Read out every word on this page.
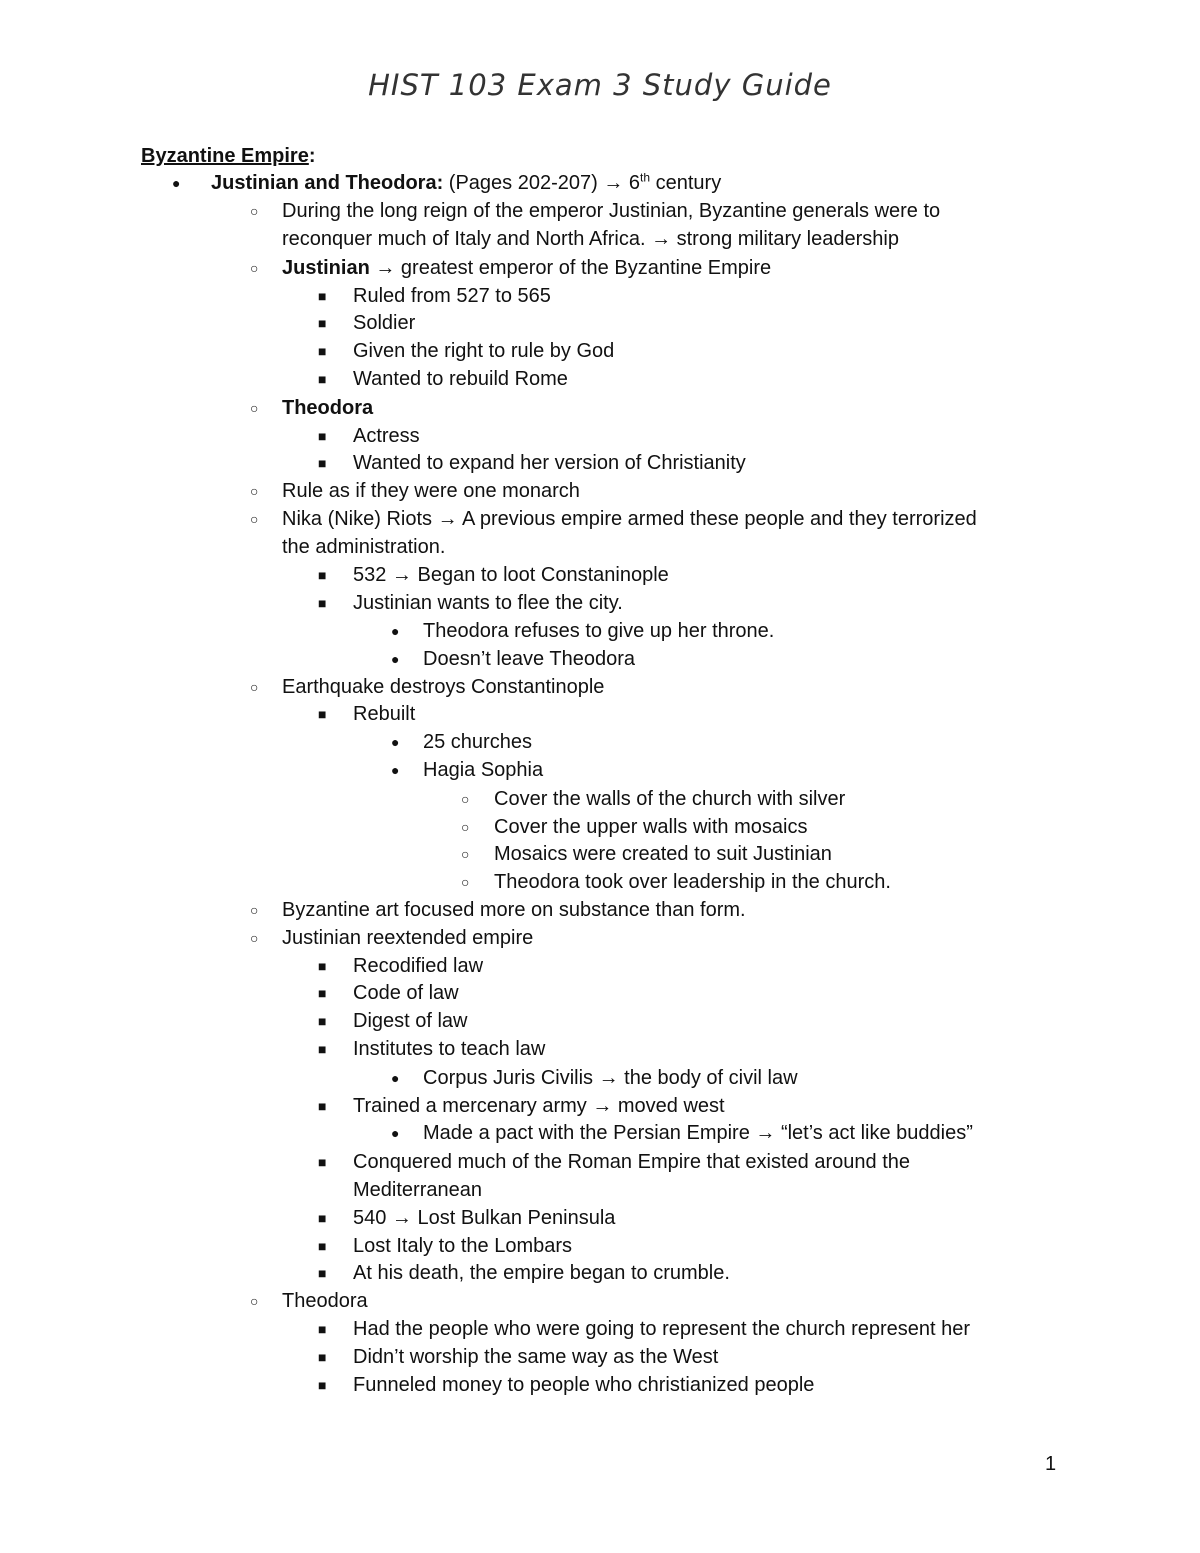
HIST 103 Exam 3 Study Guide
Byzantine Empire:
●
Justinian and Theodora: (Pages 202-207) → 6th century
○
During the long reign of the emperor Justinian, Byzantine generals were to
reconquer much of Italy and North Africa. → strong military leadership
○
Justinian → greatest emperor of the Byzantine Empire
■
Ruled from 527 to 565
■
Soldier
■
Given the right to rule by God
■
Wanted to rebuild Rome
○
Theodora
■
Actress
■
Wanted to expand her version of Christianity
○
Rule as if they were one monarch
○
Nika (Nike) Riots → A previous empire armed these people and they terrorized
the administration.
■
532 → Began to loot Constaninople
■
Justinian wants to flee the city.
●
Theodora refuses to give up her throne.
●
Doesn’t leave Theodora
○
Earthquake destroys Constantinople
■
Rebuilt
●
25 churches
●
Hagia Sophia
○
Cover the walls of the church with silver
○
Cover the upper walls with mosaics
○
Mosaics were created to suit Justinian
○
Theodora took over leadership in the church.
○
Byzantine art focused more on substance than form.
○
Justinian reextended empire
■
Recodified law
■
Code of law
■
Digest of law
■
Institutes to teach law
●
Corpus Juris Civilis → the body of civil law
■
Trained a mercenary army → moved west
●
Made a pact with the Persian Empire → “let’s act like buddies”
■
Conquered much of the Roman Empire that existed around the
Mediterranean
■
540 → Lost Bulkan Peninsula
■
Lost Italy to the Lombars
■
At his death, the empire began to crumble.
○
Theodora
■
Had the people who were going to represent the church represent her
■
Didn’t worship the same way as the West
■
Funneled money to people who christianized people
1
